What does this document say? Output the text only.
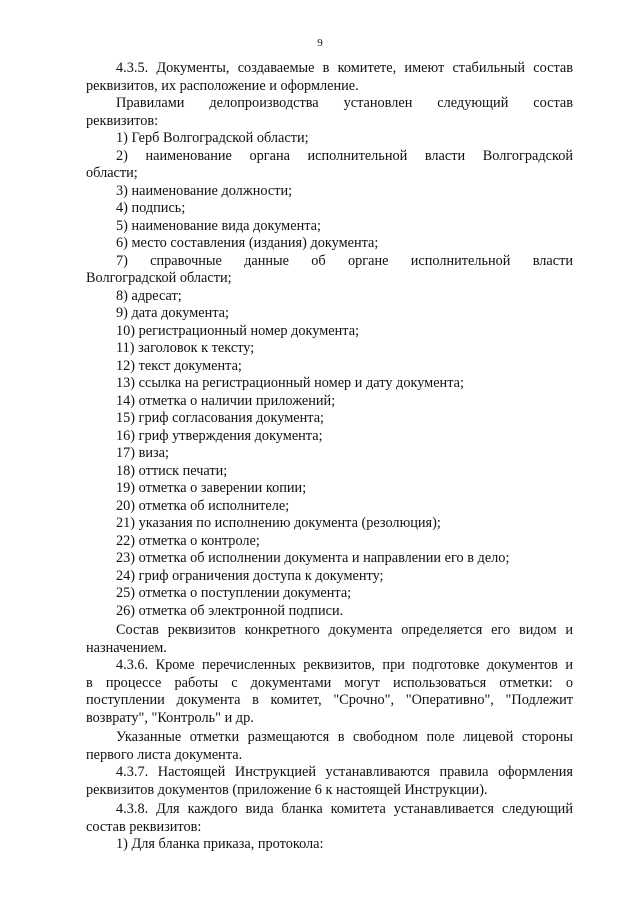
9
4.3.5. Документы, создаваемые в комитете, имеют стабильный состав
реквизитов, их расположение и оформление.
Правилами делопроизводства установлен следующий состав
реквизитов:
1) Герб Волгоградской области;
2) наименование органа исполнительной власти Волгоградской
области;
3) наименование должности;
4) подпись;
5) наименование вида документа;
6) место составления (издания) документа;
7) справочные данные об органе исполнительной власти
Волгоградской области;
8) адресат;
9) дата документа;
10) регистрационный номер документа;
11) заголовок к тексту;
12) текст документа;
13) ссылка на регистрационный номер и дату документа;
14) отметка о наличии приложений;
15) гриф согласования документа;
16) гриф утверждения документа;
17) виза;
18) оттиск печати;
19) отметка о заверении копии;
20) отметка об исполнителе;
21) указания по исполнению документа (резолюция);
22) отметка о контроле;
23) отметка об исполнении документа и направлении его в дело;
24) гриф ограничения доступа к документу;
25) отметка о поступлении документа;
26) отметка об электронной подписи.
Состав реквизитов конкретного документа определяется его видом и
назначением.
4.3.6. Кроме перечисленных реквизитов, при подготовке документов и
в процессе работы с документами могут использоваться отметки: о
поступлении документа в комитет, "Срочно", "Оперативно", "Подлежит
возврату", "Контроль" и др.
Указанные отметки размещаются в свободном поле лицевой стороны
первого листа документа.
4.3.7. Настоящей Инструкцией устанавливаются правила оформления
реквизитов документов (приложение 6 к настоящей Инструкции).
4.3.8. Для каждого вида бланка комитета устанавливается следующий
состав реквизитов:
1) Для бланка приказа, протокола:
